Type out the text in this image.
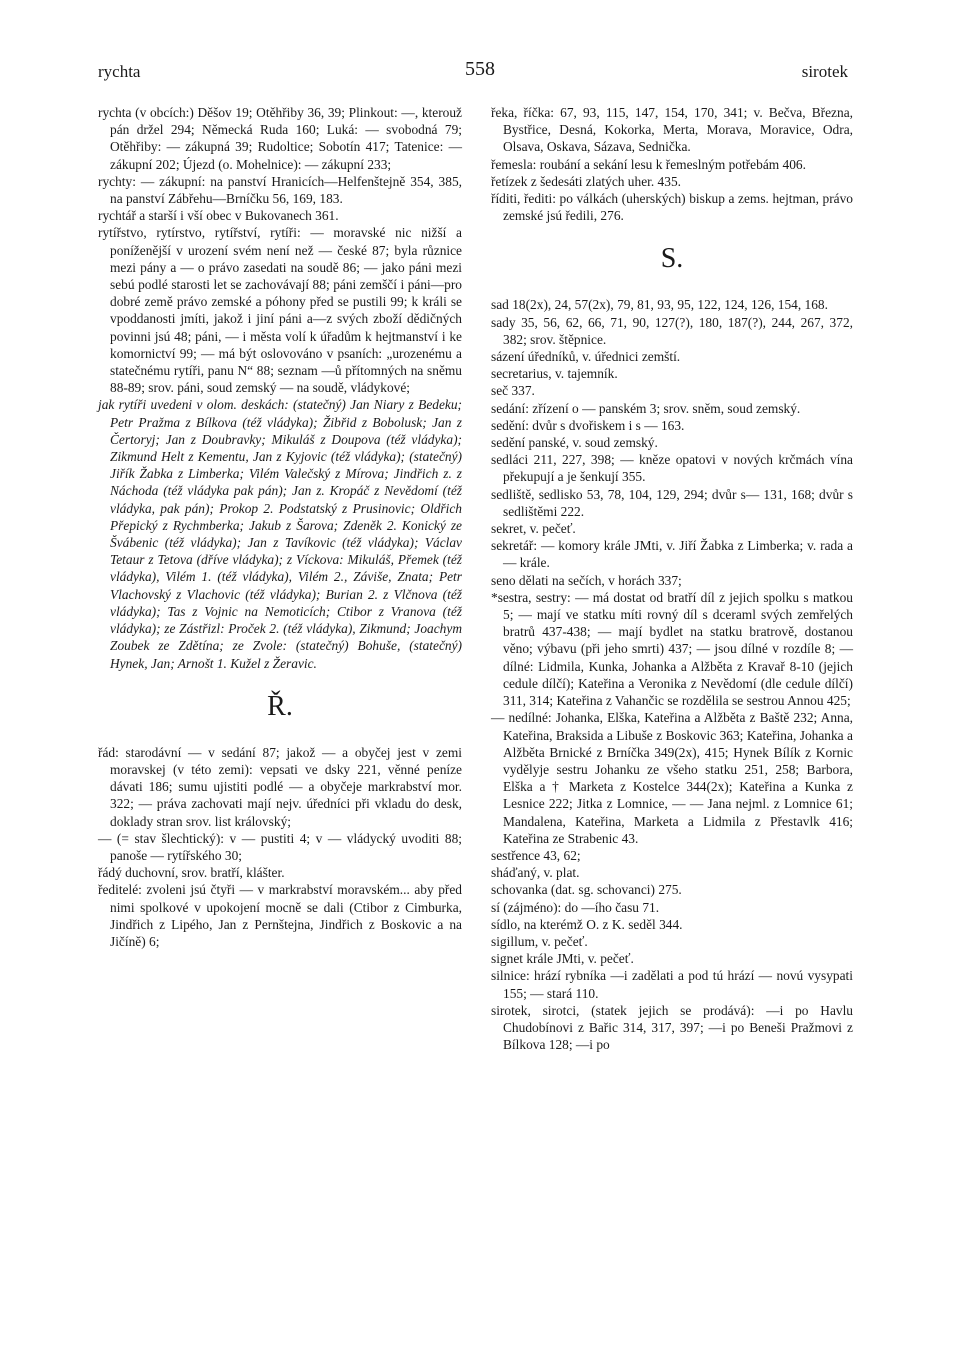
rychta	558	sirotek

rychta (v obcích:) Děšov 19; Otěhřiby 36, 39; Plinkout: —, kterouž pán držel 294; Německá Ruda 160; Luká: — svobodná 79; Otěhřiby: — zákupná 39; Rudoltice; Sobotín 417; Tatenice: — zákupní 202; Újezd (o. Mohelnice): — zákupní 233;

rychty: — zákupní: na panství Hranicích—Helfenštejně 354, 385, na panství Zábřehu—Brníčku 56, 169, 183.

rychtář a starší i vší obec v Bukovanech 361.

rytířstvo, rytírstvo, rytířství, rytíři: — moravské nic nižší a poníženější v urození svém není než — české 87; byla různice mezi pány a — o právo zasedati na soudě 86; — jako páni mezi sebú podlé starosti let se zachovávají 88; páni zemščí i páni—pro dobré země právo zemské a póhony před se pustili 99; k králi se vpoddanosti jmíti, jakož i jiní páni a—z svých zboží dědičných povinni jsú 48; páni, — i města volí k úřadům k hejtmanství i ke komornictví 99; — má být oslovováno v psaních: „urozenému a statečnému rytíři, panu N“ 88; seznam —ů přítomných na sněmu 88-89; srov. páni, soud zemský — na soudě, vládykové;

jak rytíři uvedeni v olom. deskách: (statečný) Jan Niary z Bedeku; Petr Pražma z Bílkova (též vládyka); Žibřid z Bobolusk; Jan z Čertoryj; Jan z Doubravky; Mikuláš z Doupova (též vládyka); Zikmund Helt z Kementu, Jan z Kyjovic (též vládyka); (statečný) Jiřík Žabka z Limberka; Vilém Valečský z Mírova; Jindřich z. z Náchoda (též vládyka pak pán); Jan z. Kropáč z Nevědomí (též vládyka, pak pán); Prokop 2. Podstatský z Prusinovic; Oldřich Přepický z Rychmberka; Jakub z Šarova; Zdeněk 2. Konický ze Švábenic (též vládyka); Jan z Tavíkovic (též vládyka); Václav Tetaur z Tetova (dříve vládyka); z Víckova: Mikuláš, Přemek (též vládyka), Vilém 1. (též vládyka), Vilém 2., Záviše, Znata; Petr Vlachovský z Vlachovic (též vládyka); Burian 2. z Vlčnova (též vládyka); Tas z Vojnic na Nemoticích; Ctibor z Vranova (též vládyka); ze Zástřizl: Proček 2. (též vládyka), Zikmund; Joachym Zoubek ze Zdětína; ze Zvole: (statečný) Bohuše, (statečný) Hynek, Jan; Arnošt 1. Kužel z Žeravic.

Ř.

řád: starodávní — v sedání 87; jakož — a obyčej jest v zemi moravskej (v této zemi): vepsati ve dsky 221, věnné peníze dávati 186; sumu ujistiti podlé — a obyčeje markrabství mor. 322; — práva zachovati mají nejv. úředníci při vkladu do desk, doklady stran srov. list královský;

— (= stav šlechtický): v — pustiti 4; v — vládycký uvoditi 88; panoše — rytířského 30;

řádý duchovní, srov. bratří, klášter.

ředitelé: zvoleni jsú čtyři — v markrabství moravském... aby před nimi spolkové v upokojení mocně se dali (Ctibor z Cimburka, Jindřich z Lipého, Jan z Pernštejna, Jindřich z Boskovic a na Jičíně) 6;

řeka, říčka: 67, 93, 115, 147, 154, 170, 341; v. Bečva, Března, Bystřice, Desná, Kokorka, Merta, Morava, Moravice, Odra, Olsava, Oskava, Sázava, Sednička.

řemesla: roubání a sekání lesu k řemeslným potřebám 406.

řetízek z šedesáti zlatých uher. 435.

říditi, řediti: po válkách (uherských) biskup a zems. hejtman, právo zemské jsú ředili, 276.

S.

sad 18(2x), 24, 57(2x), 79, 81, 93, 95, 122, 124, 126, 154, 168.

sady 35, 56, 62, 66, 71, 90, 127(?), 180, 187(?), 244, 267, 372, 382; srov. štěpnice.

sázení úředníků, v. úřednici zemští.

secretarius, v. tajemník.

seč 337.

sedání: zřízení o — panském 3; srov. sněm, soud zemský.

sedění: dvůr s dvořiskem i s — 163.

sedění panské, v. soud zemský.

sedláci 211, 227, 398; — kněze opatovi v nových krčmách vína překupují a je šenkují 355.

sedliště, sedlisko 53, 78, 104, 129, 294; dvůr s— 131, 168; dvůr s sedlištěmi 222.

sekret, v. pečeť.

sekretář: — komory krále JMti, v. Jiří Žabka z Limberka; v. rada a — krále.

seno dělati na sečích, v horách 337;

*sestra, sestry: — má dostat od bratří díl z jejich spolku s matkou 5; — mají ve statku míti rovný díl s dceraml svých zemřelých bratrů 437-438; — mají bydlet na statku bratrově, dostanou věno; výbavu (při jeho smrti) 437; — jsou dílné v rozdíle 8; — dílné: Lidmila, Kunka, Johanka a Alžběta z Kravař 8-10 (jejich cedule dílčí); Kateřina a Veronika z Nevědomí (dle cedule dílčí) 311, 314; Kateřina z Vahančic se rozdělila se sestrou Annou 425;

— nedílné: Johanka, Elška, Kateřina a Alžběta z Baště 232; Anna, Kateřina, Braksida a Libuše z Boskovic 363; Kateřina, Johanka a Alžběta Brnické z Brníčka 349(2x), 415; Hynek Bílík z Kornic vydělује sestru Johanku ze všeho statku 251, 258; Barbora, Elška a † Marketa z Kostelce 344(2x); Kateřina a Kunka z Lesnice 222; Jitka z Lomnice, — — Jana nejml. z Lomnice 61; Mandalena, Kateřina, Marketa a Lidmila z Přestavlk 416; Kateřina ze Strabenic 43.

sestřence 43, 62;

sháďaný, v. plat.

schovanka (dat. sg. schovanci) 275.

sí (zájméno): do —ího času 71.

sídlo, na kterémž O. z K. seděl 344.

sigillum, v. pečeť.

signet krále JMti, v. pečeť.

silnice: hrází rybníka —i zadělati a pod tú hrází — novú vysypati 155; — stará 110.

sirotek, sirotci, (statek jejich se prodává): —i po Havlu Chudobínovi z Bařic 314, 317, 397; —i po Beneši Pražmovi z Bílkova 128; —i po
